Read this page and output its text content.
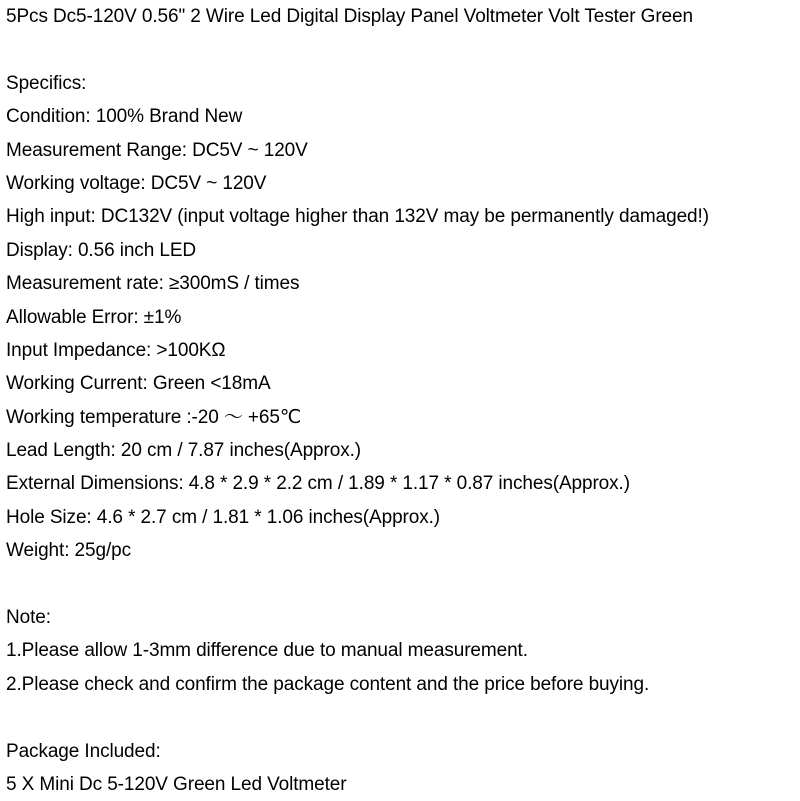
5Pcs Dc5-120V 0.56" 2 Wire Led Digital Display Panel Voltmeter Volt Tester Green
Specifics:
Condition: 100% Brand New
Measurement Range: DC5V ~ 120V
Working voltage: DC5V ~ 120V
High input: DC132V (input voltage higher than 132V may be permanently damaged!)
Display: 0.56 inch LED
Measurement rate: ≥300mS / times
Allowable Error: ±1%
Input Impedance: >100KΩ
Working Current: Green <18mA
Working temperature :-20 ～ +65℃
Lead Length: 20 cm / 7.87 inches(Approx.)
External Dimensions: 4.8 * 2.9 * 2.2 cm / 1.89 * 1.17 * 0.87 inches(Approx.)
Hole Size: 4.6 * 2.7 cm / 1.81 * 1.06 inches(Approx.)
Weight: 25g/pc
Note:
1.Please allow 1-3mm difference due to manual measurement.
2.Please check and confirm the package content and the price before buying.
Package Included:
5 X Mini Dc 5-120V Green Led Voltmeter
